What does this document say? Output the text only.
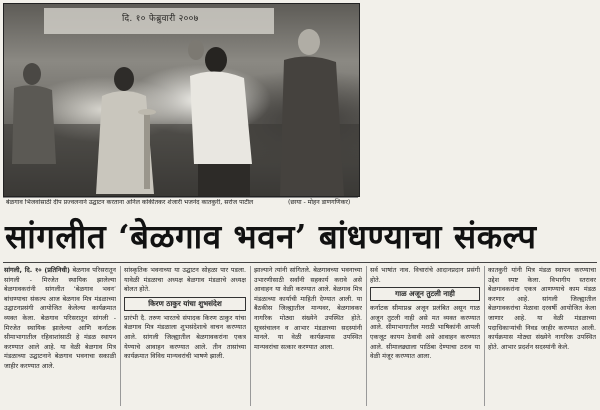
दि. १० फेब्रुवारी २००७
बेळगाव भिजवांसाठी दीप प्रज्वलनाने उद्घाटन करताना अनिल कोकीतकर शेजारी भजनंद कातकुरी, सरोज पाटील	(छाया - मोहन डाणगणिकर)
सांगलीत ‘बेळगाव भवन’ बांधण्याचा संकल्प

सांगली, दि. १० (प्रतिनिधी) बेळगाव परिसरातून सांगली - मिरजेत स्थायिक झालेल्या बेळगावकरांनी सांगलीत ‘बेळगाव भवन’ बांधण्याचा संकल्प आज बेळगाव मित्र मंडळाच्या उद्घाटनप्रसंगी आयोजित केलेल्या कार्यक्रमात व्यक्त केला. बेळगाव परिसरातून सांगली - मिरजेत स्थायिक झालेल्या आणि कर्नाटक सीमाभागातील रहिवाशांसाठी हे मंडळ स्थापन करण्यात आले आहे. या वेळी बेळगाव मित्र मंडळाच्या उद्घाटनाने बेळगाव भवनाचा सकाळी जाहीर करण्यात आले.

सांस्कृतिक भवनाच्या या उद्घाटन सोहळा पार पडला. यावेळी मंडळाचा अध्यक्ष बेळगाव मंडळाचे अध्यक्ष बोलत होते.

किरण ठाकुर यांचा शुभसंदेश

प्रारंभी दै. तरुण भारतचे संपादक किरण ठाकुर यांचा बेळगाव मित्र मंडळाला शुभसंदेशाचे वाचन करण्यात आले. सांगली जिल्ह्यातील बेळगावकरांना एकत्र येण्याचे आवाहन करण्यात आले. तीन तासांच्या कार्यक्रमात विविध मान्यवरांची भाषणे झाली.

झाल्याने त्यांनी सांगितले. बेळगावच्या भवनाच्या उभारणीसाठी सर्वांनी सहकार्य करावे असे आवाहन या वेळी करण्यात आले. बेळगाव मित्र मंडळाच्या कार्याची माहिती देण्यात आली. या बैठकीस जिल्ह्यातील मान्यवर, बेळगावकर नागरिक मोठ्या संख्येने उपस्थित होते. सूत्रसंचालन व आभार मंडळाच्या सदस्यांनी मानले. या वेळी कार्यक्रमास उपस्थित मान्यवरांचा सत्कार करण्यात आला.

सर्व भाषांत नाव. विचारांचे आदानप्रदान प्रसंगी होते.

गाळ अजून तुटली नाही

कर्नाटक सीमाप्रश्न अजून प्रलंबित असून गाळ अजून तुटली नाही असे मत व्यक्त करण्यात आले. सीमाभागातील मराठी भाषिकांनी आपली एकजूट कायम ठेवावी असे आवाहन करण्यात आले. सीमालढ्याला पाठिंबा देण्याचा ठराव या वेळी मंजूर करण्यात आला.

कातकुरी यांनी मित्र मंडळ स्थापन करण्याचा उद्देश स्पष्ट केला. विभागीय स्तरावर बेळगावकरांना एकत्र आणण्याचे काम मंडळ करणार आहे. सांगली जिल्ह्यातील बेळगावकरांचा मेळावा दरवर्षी आयोजित केला जाणार आहे. या वेळी मंडळाच्या पदाधिकाऱ्यांची निवड जाहीर करण्यात आली. कार्यक्रमास मोठ्या संख्येने नागरिक उपस्थित होते. आभार प्रदर्शन सदस्यांनी केले.
